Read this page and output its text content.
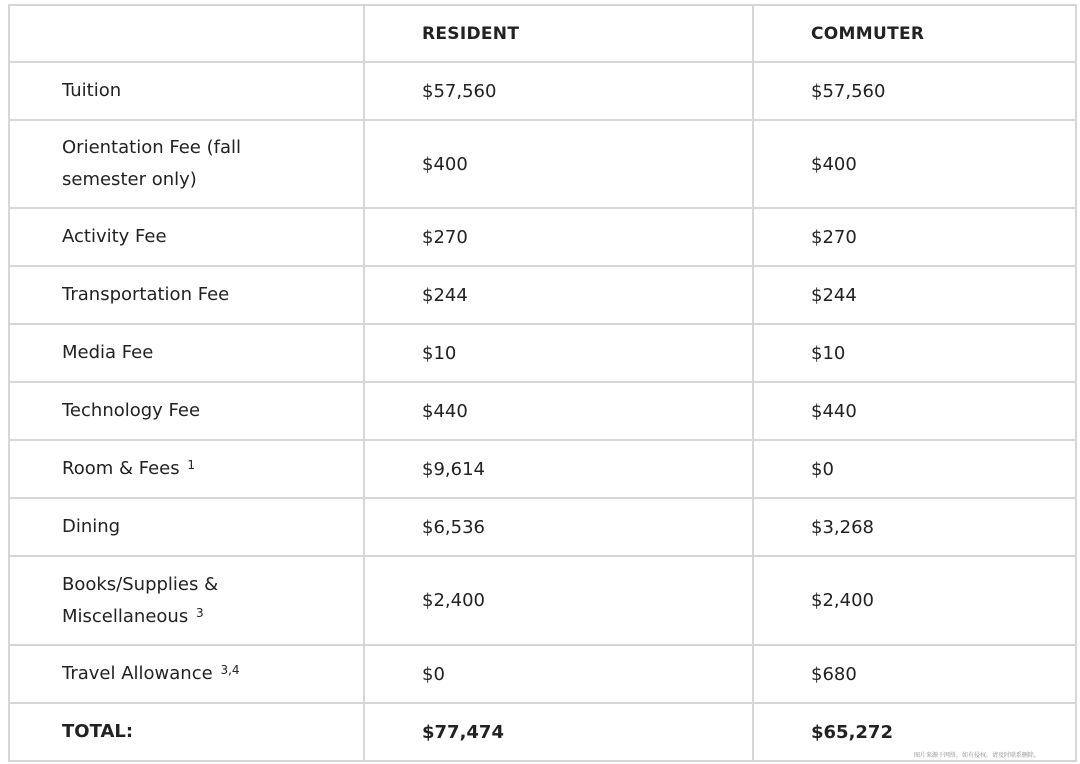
	RESIDENT	COMMUTER
Tuition	$57,560	$57,560
Orientation Fee (fall semester only)	$400	$400
Activity Fee	$270	$270
Transportation Fee	$244	$244
Media Fee	$10	$10
Technology Fee	$440	$440
Room & Fees $^1$	$9,614	$0
Dining	$6,536	$3,268
Books/Supplies & Miscellaneous $^3$	$2,400	$2,400
Travel Allowance $^{3,4}$	$0	$680
TOTAL:	$77,474	$65,272
图片来源于网络，如有侵权，请及时联系删除。
